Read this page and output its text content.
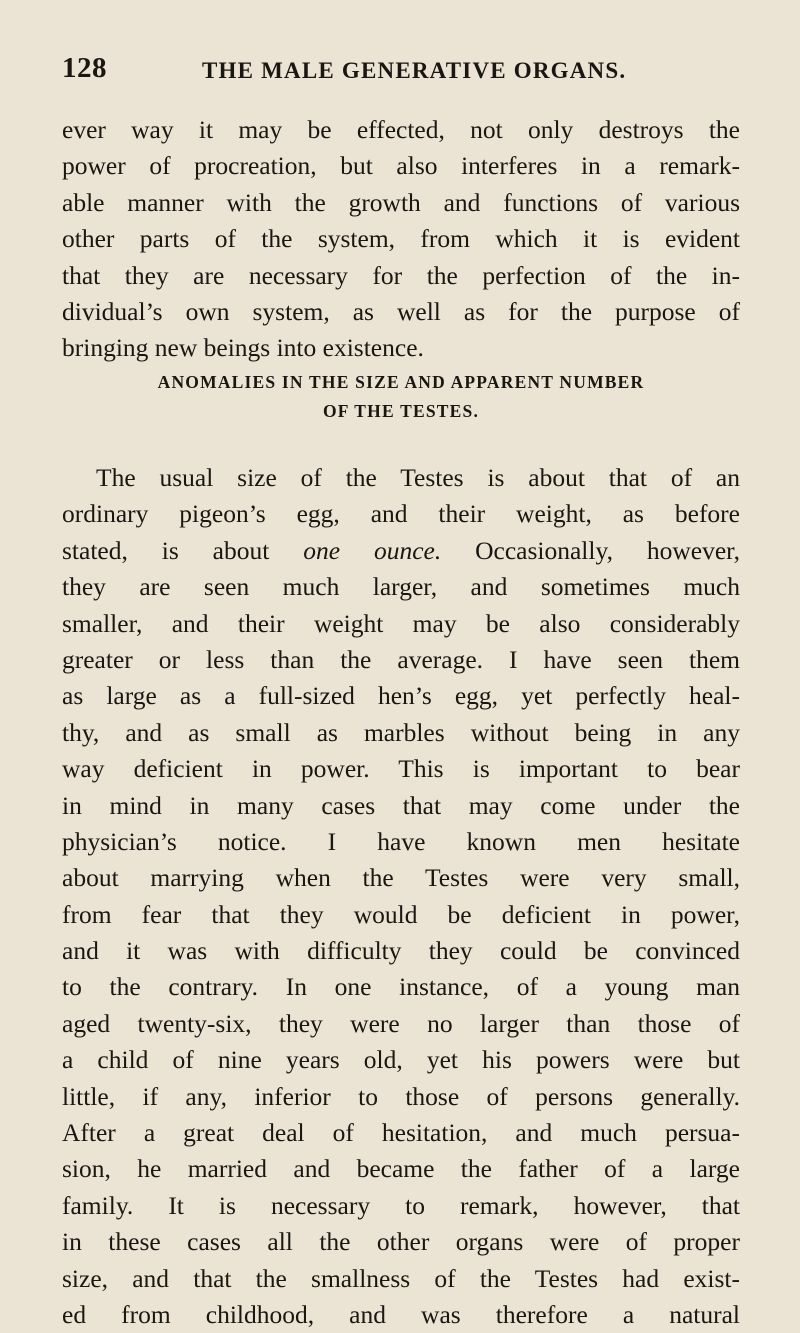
128	THE MALE GENERATIVE ORGANS.
ever way it may be effected, not only destroys the
power of procreation, but also interferes in a remark-
able manner with the growth and functions of various
other parts of the system, from which it is evident
that they are necessary for the perfection of the in-
dividual’s own system, as well as for the purpose of
bringing new beings into existence.
ANOMALIES IN THE SIZE AND APPARENT NUMBER
OF THE TESTES.
The usual size of the Testes is about that of an
ordinary pigeon’s egg, and their weight, as before
stated, is about one ounce. Occasionally, however,
they are seen much larger, and sometimes much
smaller, and their weight may be also considerably
greater or less than the average. I have seen them
as large as a full-sized hen’s egg, yet perfectly heal-
thy, and as small as marbles without being in any
way deficient in power. This is important to bear
in mind in many cases that may come under the
physician’s notice. I have known men hesitate
about marrying when the Testes were very small,
from fear that they would be deficient in power,
and it was with difficulty they could be convinced
to the contrary. In one instance, of a young man
aged twenty-six, they were no larger than those of
a child of nine years old, yet his powers were but
little, if any, inferior to those of persons generally.
After a great deal of hesitation, and much persua-
sion, he married and became the father of a large
family. It is necessary to remark, however, that
in these cases all the other organs were of proper
size, and that the smallness of the Testes had exist-
ed from childhood, and was therefore a natural
